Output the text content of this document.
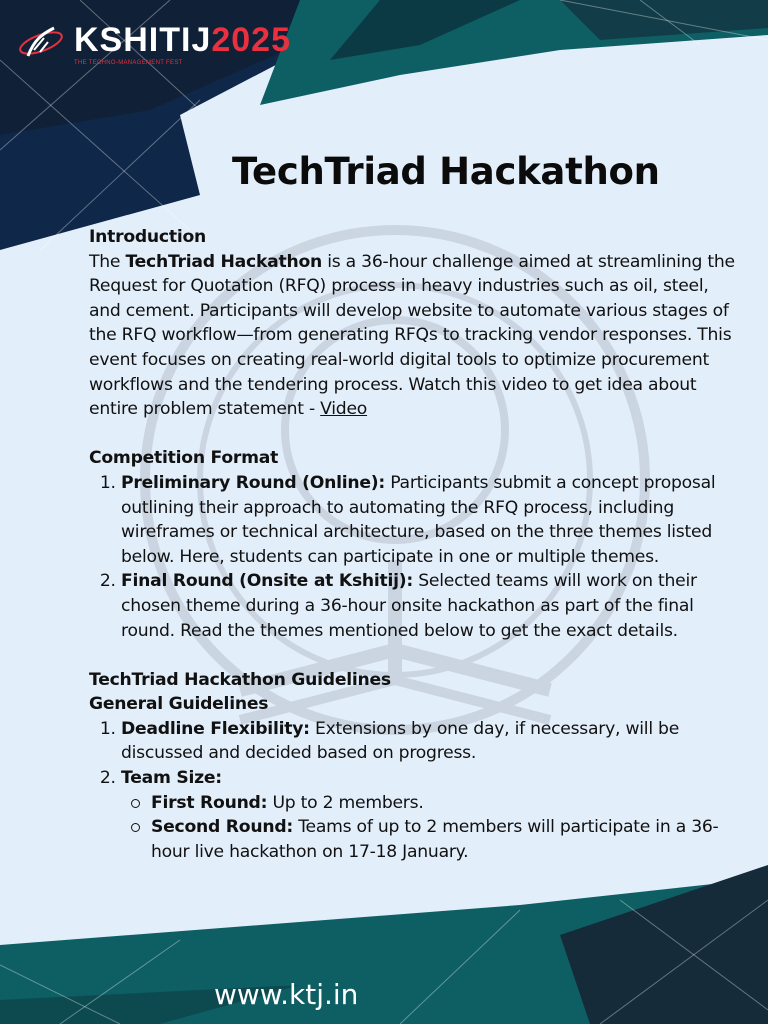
KSHITIJ2025
THE TECHNO-MANAGEMENT FEST
TechTriad Hackathon

Introduction

The TechTriad Hackathon is a 36-hour challenge aimed at streamlining the Request for Quotation (RFQ) process in heavy industries such as oil, steel, and cement. Participants will develop website to automate various stages of the RFQ workflow—from generating RFQs to tracking vendor responses. This event focuses on creating real-world digital tools to optimize procurement workflows and the tendering process. Watch this video to get idea about entire problem statement - Video

Competition Format

1. Preliminary Round (Online): Participants submit a concept proposal outlining their approach to automating the RFQ process, including wireframes or technical architecture, based on the three themes listed below. Here, students can participate in one or multiple themes.
2. Final Round (Onsite at Kshitij): Selected teams will work on their chosen theme during a 36-hour onsite hackathon as part of the final round. Read the themes mentioned below to get the exact details.

TechTriad Hackathon Guidelines

General Guidelines

1. Deadline Flexibility: Extensions by one day, if necessary, will be discussed and decided based on progress.
2. Team Size:
First Round: Up to 2 members.
Second Round: Teams of up to 2 members will participate in a 36-hour live hackathon on 17-18 January.
www.ktj.in
